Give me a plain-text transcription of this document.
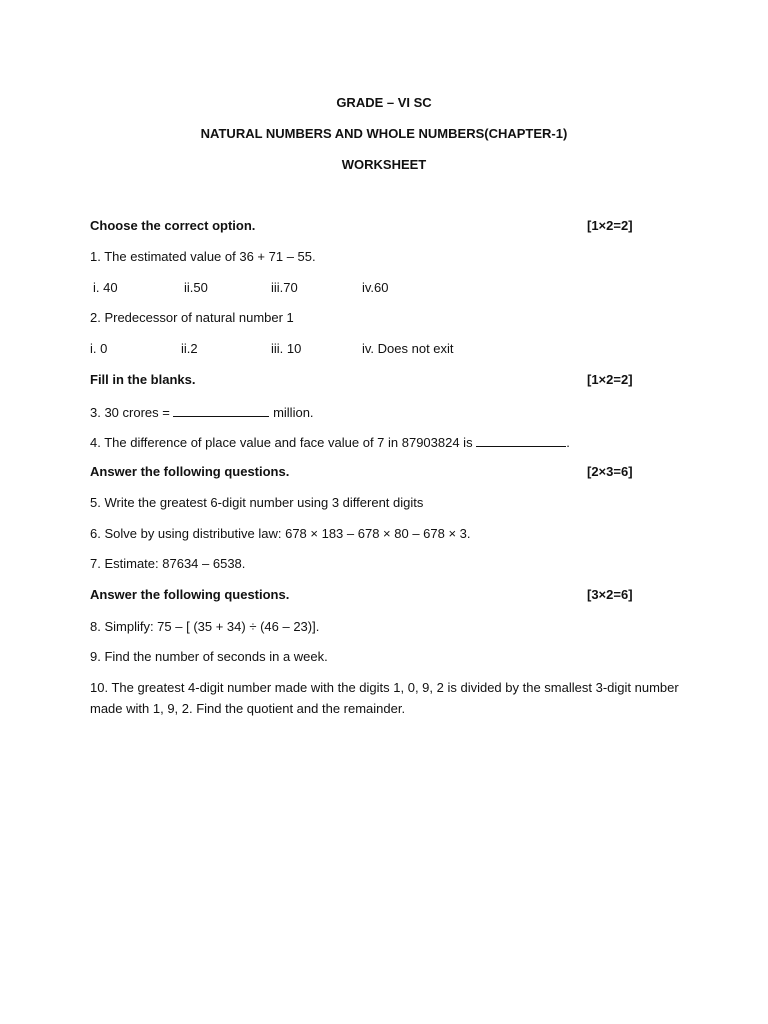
GRADE – VI SC
NATURAL NUMBERS AND WHOLE NUMBERS(CHAPTER-1)
WORKSHEET
Choose the correct option.	[1×2=2]
1. The estimated value of 36 + 71 – 55.
i. 40	ii.50	iii.70	iv.60
2. Predecessor of natural number 1
i. 0	ii.2	iii. 10	iv. Does not exit
Fill in the blanks.	[1×2=2]
3. 30 crores =	million.
4. The difference of place value and face value of 7 in 87903824 is	.
Answer the following questions.	[2×3=6]
5. Write the greatest 6-digit number using 3 different digits
6. Solve by using distributive law: 678 × 183 – 678 × 80 – 678 × 3.
7. Estimate: 87634 – 6538.
Answer the following questions.	[3×2=6]
8. Simplify: 75 – [ (35 + 34) ÷ (46 – 23)].
9. Find the number of seconds in a week.
10. The greatest 4-digit number made with the digits 1, 0, 9, 2 is divided by the smallest 3-digit number made with 1, 9, 2. Find the quotient and the remainder.
